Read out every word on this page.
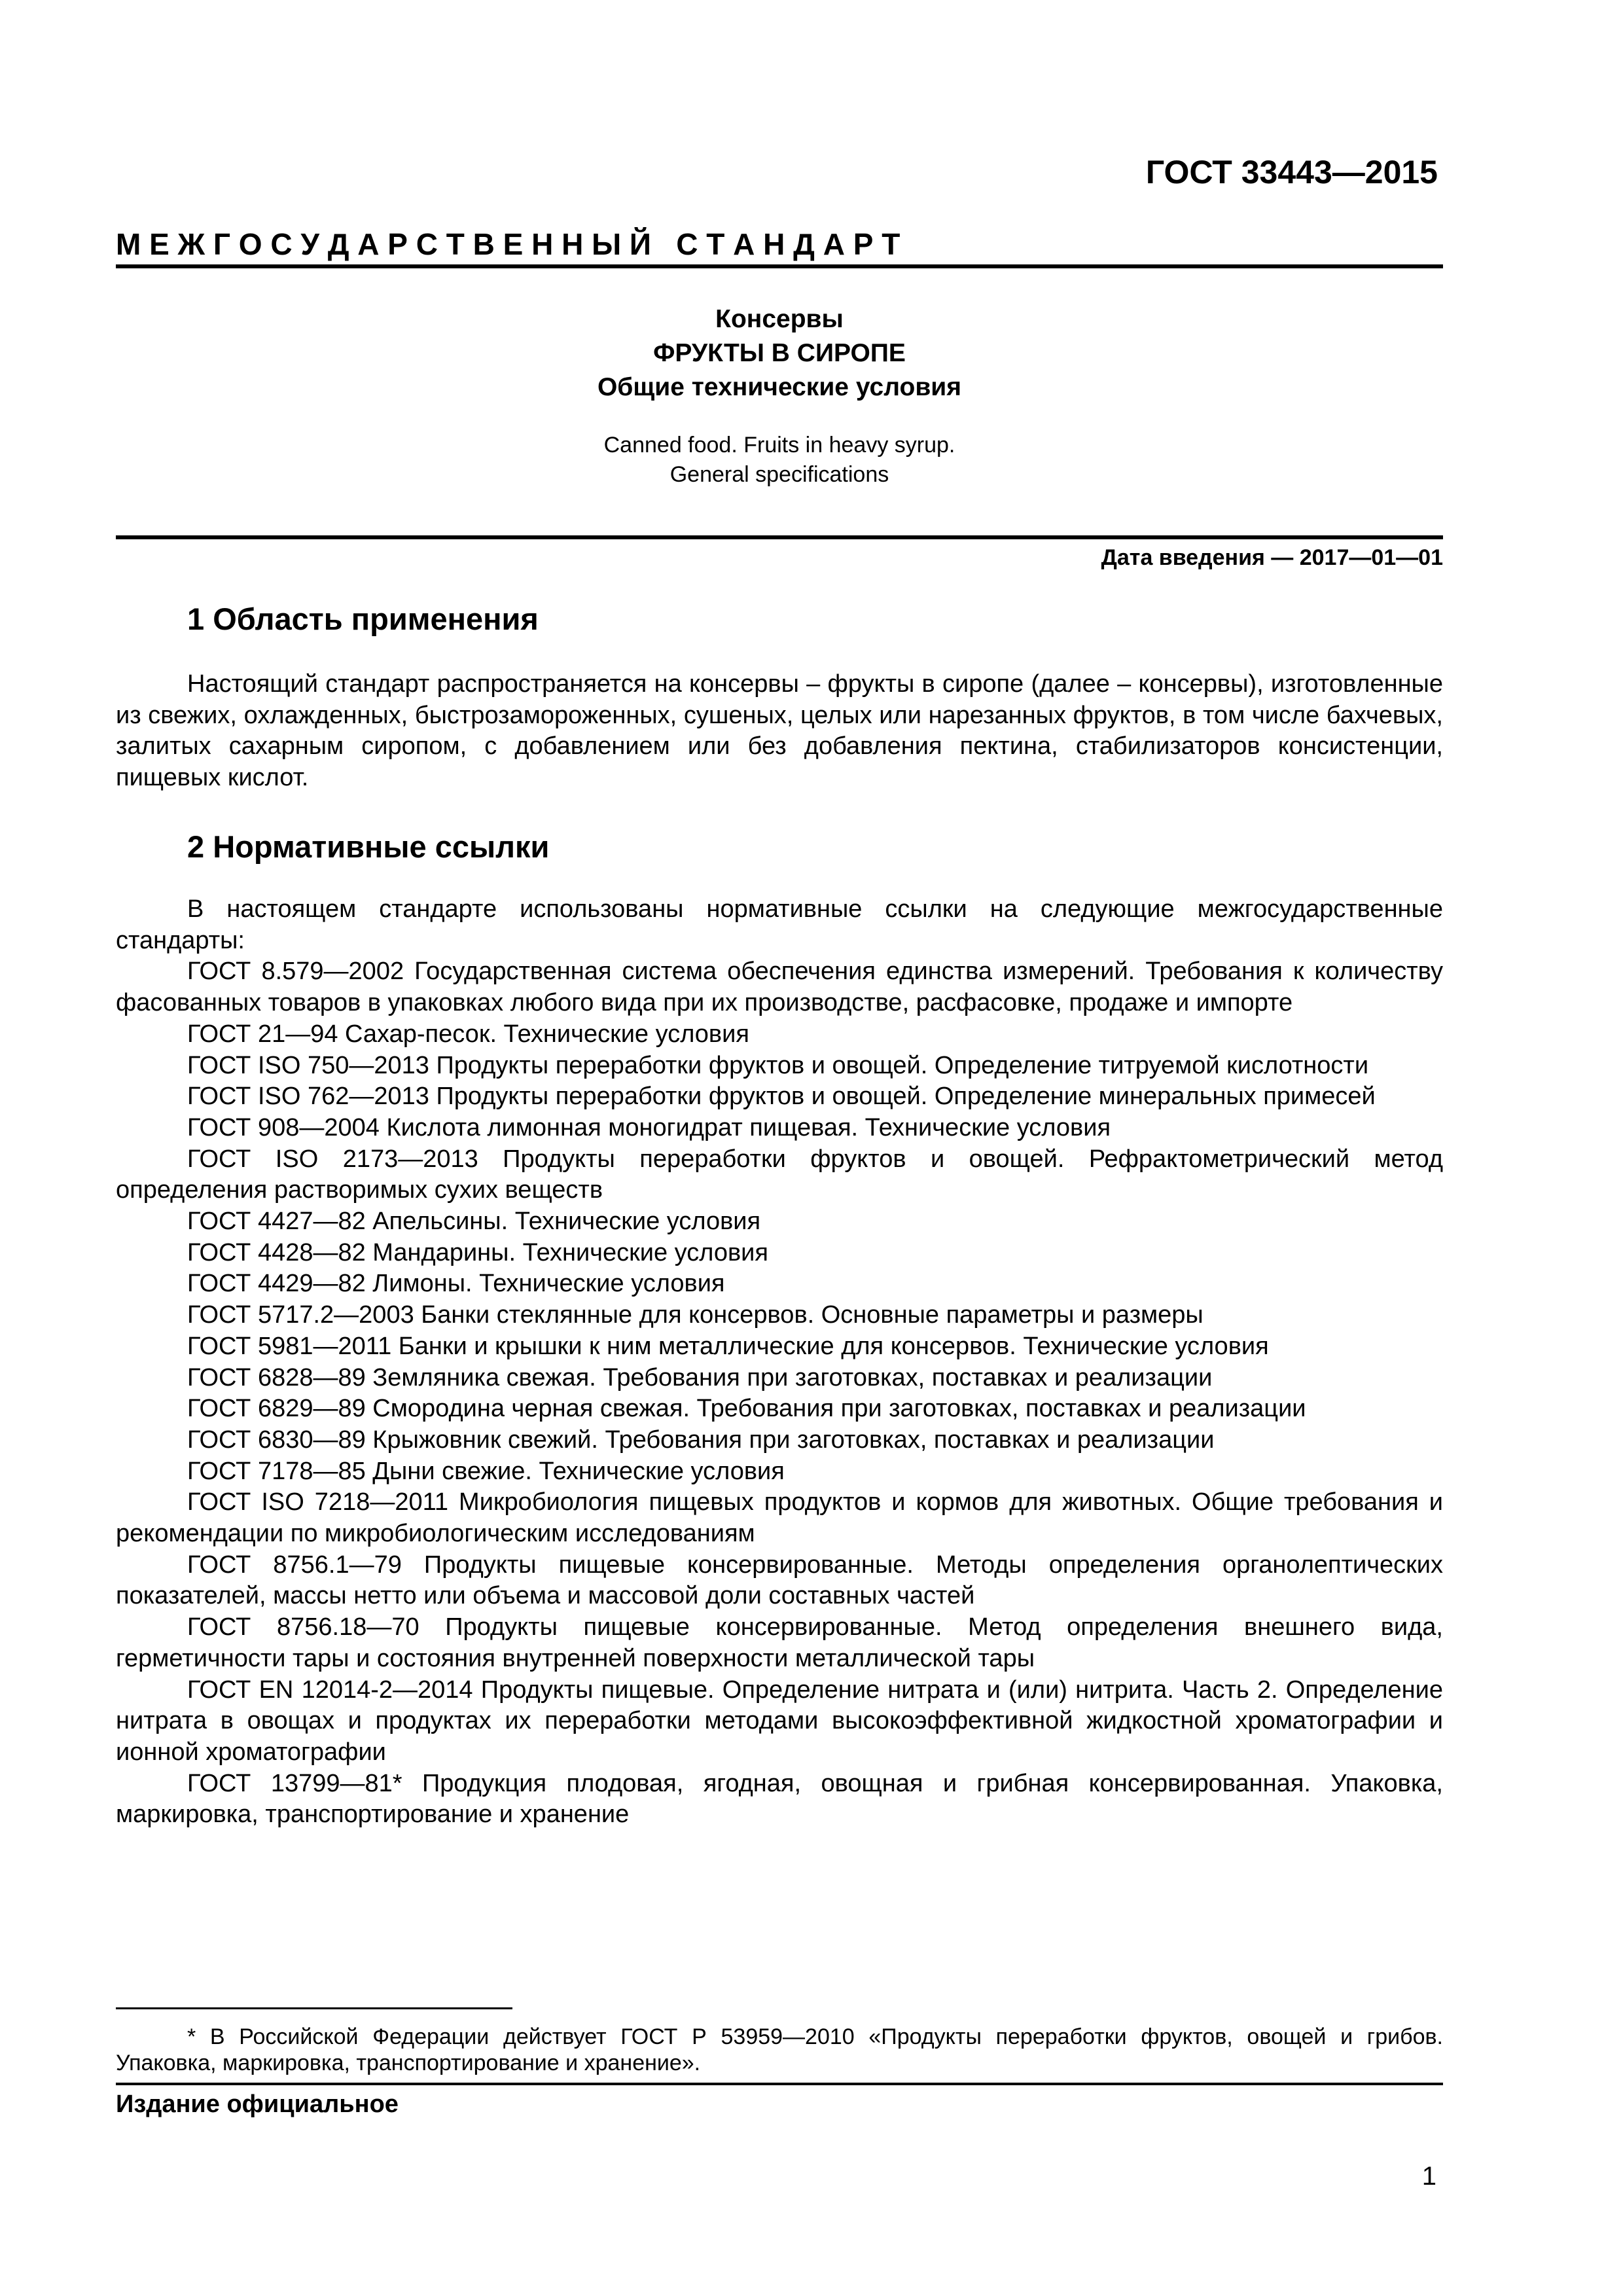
ГОСТ 33443—2015
М Е Ж Г О С У Д А Р С Т В Е Н Н Ы Й   С Т А Н Д А Р Т
Консервы
ФРУКТЫ В СИРОПЕ
Общие технические условия
Canned food. Fruits in heavy syrup.
General specifications
Дата введения — 2017—01—01
1 Область применения

Настоящий стандарт распространяется на консервы – фрукты в сиропе (далее – консервы), изготовленные из свежих, охлажденных, быстрозамороженных, сушеных, целых или нарезанных фруктов, в том числе бахчевых, залитых сахарным сиропом, с добавлением или без добавления пектина, стабилизаторов консистенции, пищевых кислот.

2 Нормативные ссылки

В настоящем стандарте использованы нормативные ссылки на следующие межгосударственные стандарты:

ГОСТ 8.579—2002 Государственная система обеспечения единства измерений. Требования к количеству фасованных товаров в упаковках любого вида при их производстве, расфасовке, продаже и импорте

ГОСТ 21—94 Сахар-песок. Технические условия

ГОСТ ISO 750—2013 Продукты переработки фруктов и овощей. Определение титруемой кислотности

ГОСТ ISO 762—2013 Продукты переработки фруктов и овощей. Определение минеральных примесей

ГОСТ 908—2004 Кислота лимонная моногидрат пищевая. Технические условия

ГОСТ ISO 2173—2013 Продукты переработки фруктов и овощей. Рефрактометрический метод определения растворимых сухих веществ

ГОСТ 4427—82 Апельсины. Технические условия

ГОСТ 4428—82 Мандарины. Технические условия

ГОСТ 4429—82 Лимоны. Технические условия

ГОСТ 5717.2—2003 Банки стеклянные для консервов. Основные параметры и размеры

ГОСТ 5981—2011 Банки и крышки к ним металлические для консервов. Технические условия

ГОСТ 6828—89 Земляника свежая. Требования при заготовках, поставках и реализации

ГОСТ 6829—89 Смородина черная свежая. Требования при заготовках, поставках и реализации

ГОСТ 6830—89 Крыжовник свежий. Требования при заготовках, поставках и реализации

ГОСТ 7178—85 Дыни свежие. Технические условия

ГОСТ ISO 7218—2011 Микробиология пищевых продуктов и кормов для животных. Общие требования и рекомендации по микробиологическим исследованиям

ГОСТ 8756.1—79 Продукты пищевые консервированные. Методы определения органолептических показателей, массы нетто или объема и массовой доли составных частей

ГОСТ 8756.18—70 Продукты пищевые консервированные. Метод определения внешнего вида, герметичности тары и состояния внутренней поверхности металлической тары

ГОСТ EN 12014-2—2014 Продукты пищевые. Определение нитрата и (или) нитрита. Часть 2. Определение нитрата в овощах и продуктах их переработки методами высокоэффективной жидкостной хроматографии и ионной хроматографии

ГОСТ 13799—81* Продукция плодовая, ягодная, овощная и грибная консервированная. Упаковка, маркировка, транспортирование и хранение

* В Российской Федерации действует ГОСТ Р 53959—2010 «Продукты переработки фруктов, овощей и грибов. Упаковка, маркировка, транспортирование и хранение».

Издание официальное
1
